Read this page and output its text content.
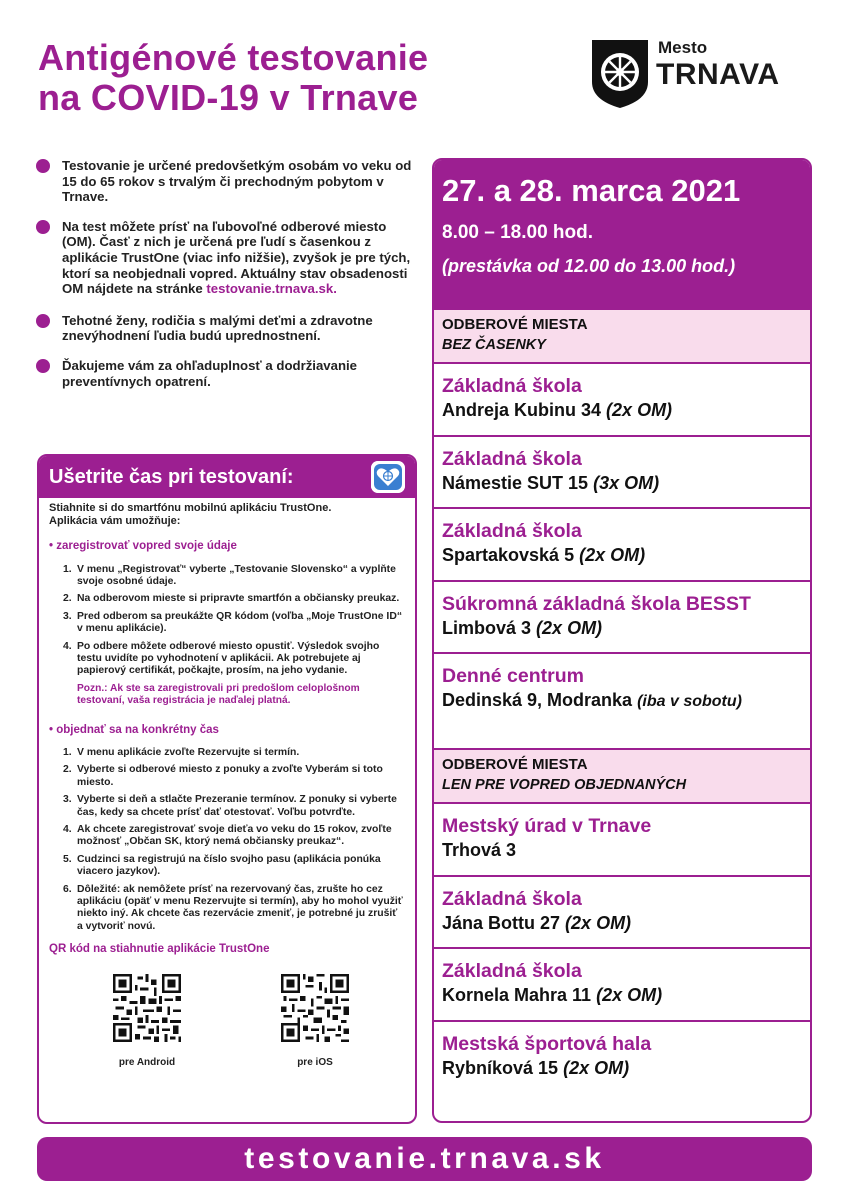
Antigénové testovanie
na COVID-19 v Trnave
Mesto
TRNAVA
Testovanie je určené predovšetkým osobám vo veku od 15 do 65 rokov s trvalým či prechodným pobytom v Trnave.
Na test môžete prísť na ľubovoľné odberové miesto (OM). Časť z nich je určená pre ľudí s časenkou z aplikácie TrustOne (viac info nižšie), zvyšok je pre tých, ktorí sa neobjednali vopred. Aktuálny stav obsadenosti OM nájdete na stránke testovanie.trnava.sk.
Tehotné ženy, rodičia s malými deťmi a zdravotne znevýhodnení ľudia budú uprednostnení.
Ďakujeme vám za ohľaduplnosť a dodržiavanie preventívnych opatrení.
Ušetrite čas pri testovaní:
Stiahnite si do smartfónu mobilnú aplikáciu TrustOne.
Aplikácia vám umožňuje:
• zaregistrovať vopred svoje údaje
1. V menu „Registrovať“ vyberte „Testovanie Slovensko“ a vyplňte svoje osobné údaje.
2. Na odberovom mieste si pripravte smartfón a občiansky preukaz.
3. Pred odberom sa preukážte QR kódom (voľba „Moje TrustOne ID“ v menu aplikácie).
4. Po odbere môžete odberové miesto opustiť. Výsledok svojho testu uvidíte po vyhodnotení v aplikácii. Ak potrebujete aj papierový certifikát, počkajte, prosím, na jeho vydanie.
Pozn.: Ak ste sa zaregistrovali pri predošlom celoplošnom testovaní, vaša registrácia je naďalej platná.
• objednať sa na konkrétny čas
1. V menu aplikácie zvoľte Rezervujte si termín.
2. Vyberte si odberové miesto z ponuky a zvoľte Vyberám si toto miesto.
3. Vyberte si deň a stlačte Prezeranie termínov. Z ponuky si vyberte čas, kedy sa chcete prísť dať otestovať. Voľbu potvrďte.
4. Ak chcete zaregistrovať svoje dieťa vo veku do 15 rokov, zvoľte možnosť „Občan SK, ktorý nemá občiansky preukaz“.
5. Cudzinci sa registrujú na číslo svojho pasu (aplikácia ponúka viacero jazykov).
6. Dôležité: ak nemôžete prísť na rezervovaný čas, zrušte ho cez aplikáciu (opäť v menu Rezervujte si termín), aby ho mohol využiť niekto iný. Ak chcete čas rezervácie zmeniť, je potrebné ju zrušiť a vytvoriť novú.
QR kód na stiahnutie aplikácie TrustOne
pre Android	pre iOS
27. a 28. marca 2021
8.00 – 18.00 hod.
(prestávka od 12.00 do 13.00 hod.)
ODBEROVÉ MIESTA
BEZ ČASENKY
Základná škola
Andreja Kubinu 34 (2x OM)
Základná škola
Námestie SUT 15 (3x OM)
Základná škola
Spartakovská 5 (2x OM)
Súkromná základná škola BESST
Limbová 3 (2x OM)
Denné centrum
Dedinská 9, Modranka (iba v sobotu)
ODBEROVÉ MIESTA
LEN PRE VOPRED OBJEDNANÝCH
Mestský úrad v Trnave
Trhová 3
Základná škola
Jána Bottu 27 (2x OM)
Základná škola
Kornela Mahra 11 (2x OM)
Mestská športová hala
Rybníková 15 (2x OM)
testovanie.trnava.sk
